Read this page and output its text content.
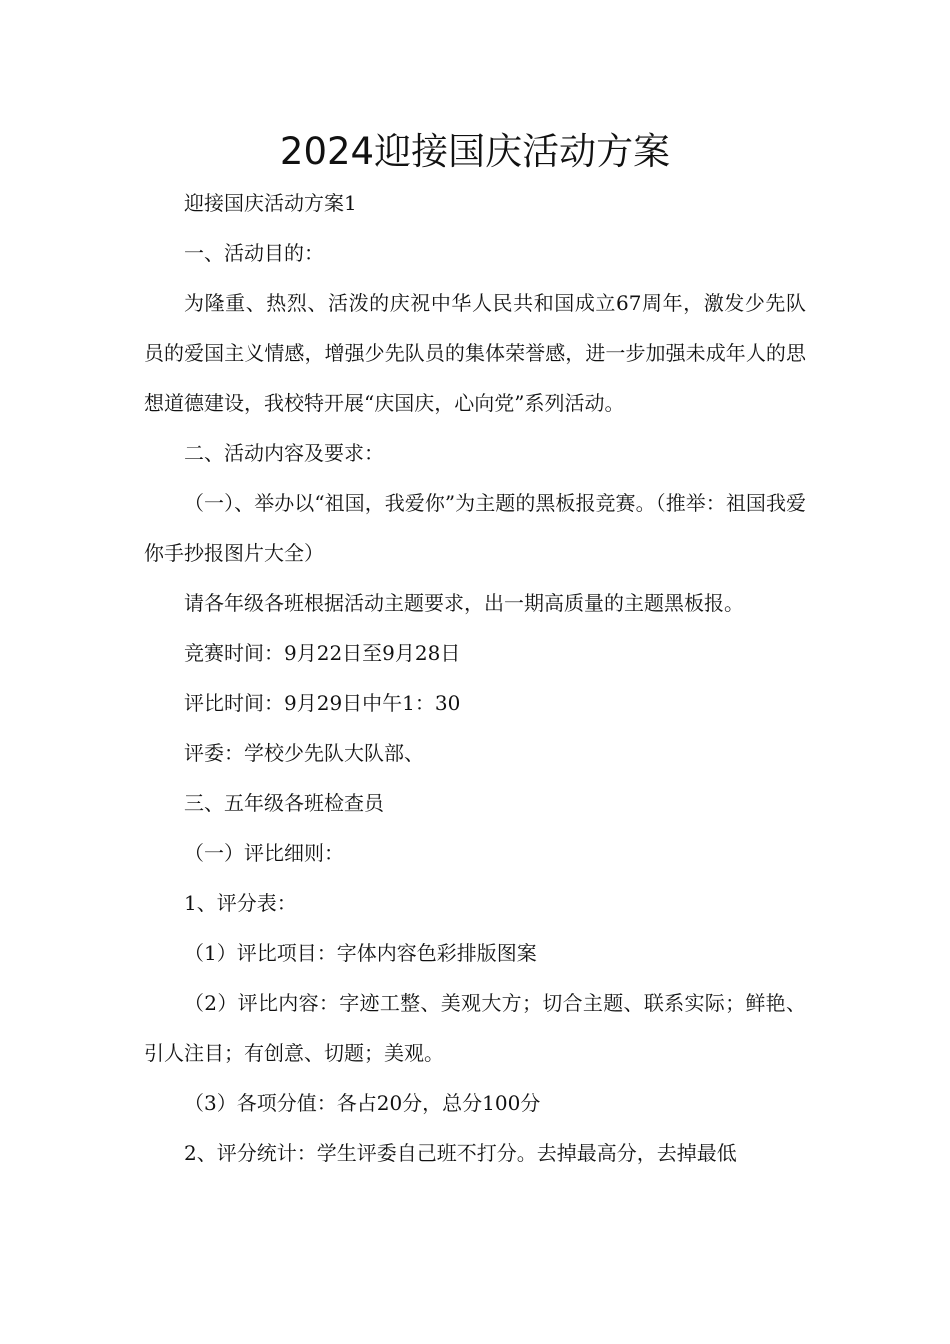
2024迎接国庆活动方案

迎接国庆活动方案1

一、活动目的：

为隆重、热烈、活泼的庆祝中华人民共和国成立67周年，激发少先队员的爱国主义情感，增强少先队员的集体荣誉感，进一步加强未成年人的思想道德建设，我校特开展“庆国庆，心向党”系列活动。

二、活动内容及要求：

（一）、举办以“祖国，我爱你”为主题的黑板报竞赛。（推举：祖国我爱你手抄报图片大全）

请各年级各班根据活动主题要求，出一期高质量的主题黑板报。

竞赛时间：9月22日至9月28日

评比时间：9月29日中午1：30

评委：学校少先队大队部、

三、五年级各班检查员

（一）评比细则：

1、评分表：

（1）评比项目：字体内容色彩排版图案

（2）评比内容：字迹工整、美观大方；切合主题、联系实际；鲜艳、引人注目；有创意、切题；美观。

（3）各项分值：各占20分，总分100分

2、评分统计：学生评委自己班不打分。去掉最高分，去掉最低
